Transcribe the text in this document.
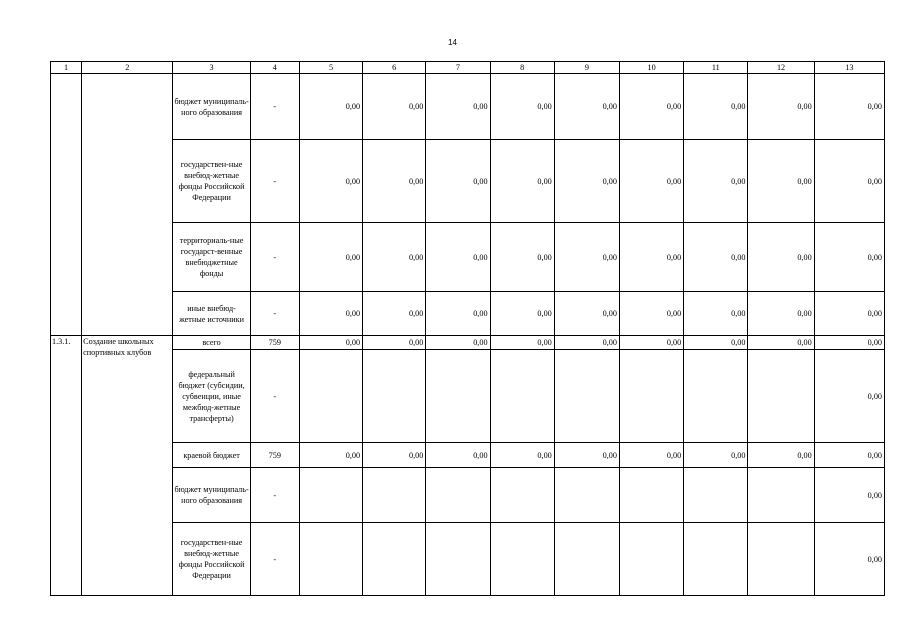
14
1	2	3	4	5	6	7	8	9	10	11	12	13
		бюджет муниципаль-ного образования	-	0,00	0,00	0,00	0,00	0,00	0,00	0,00	0,00	0,00
		государствен-ные внебюд-жетные фонды Российской Федерации	-	0,00	0,00	0,00	0,00	0,00	0,00	0,00	0,00	0,00
		территориаль-ные государст-венные внебюджетные фонды	-	0,00	0,00	0,00	0,00	0,00	0,00	0,00	0,00	0,00
		иные внебюд-жетные источники	-	0,00	0,00	0,00	0,00	0,00	0,00	0,00	0,00	0,00
1.3.1.	Создание школьных спортивных клубов	всего	759	0,00	0,00	0,00	0,00	0,00	0,00	0,00	0,00	0,00
		федеральный бюджет (субсидии, субвенции, иные межбюд-жетные трансферты)	-									0,00
		краевой бюджет	759	0,00	0,00	0,00	0,00	0,00	0,00	0,00	0,00	0,00
		бюджет муниципаль-ного образования	-									0,00
		государствен-ные внебюд-жетные фонды Российской Федерации	-									0,00
